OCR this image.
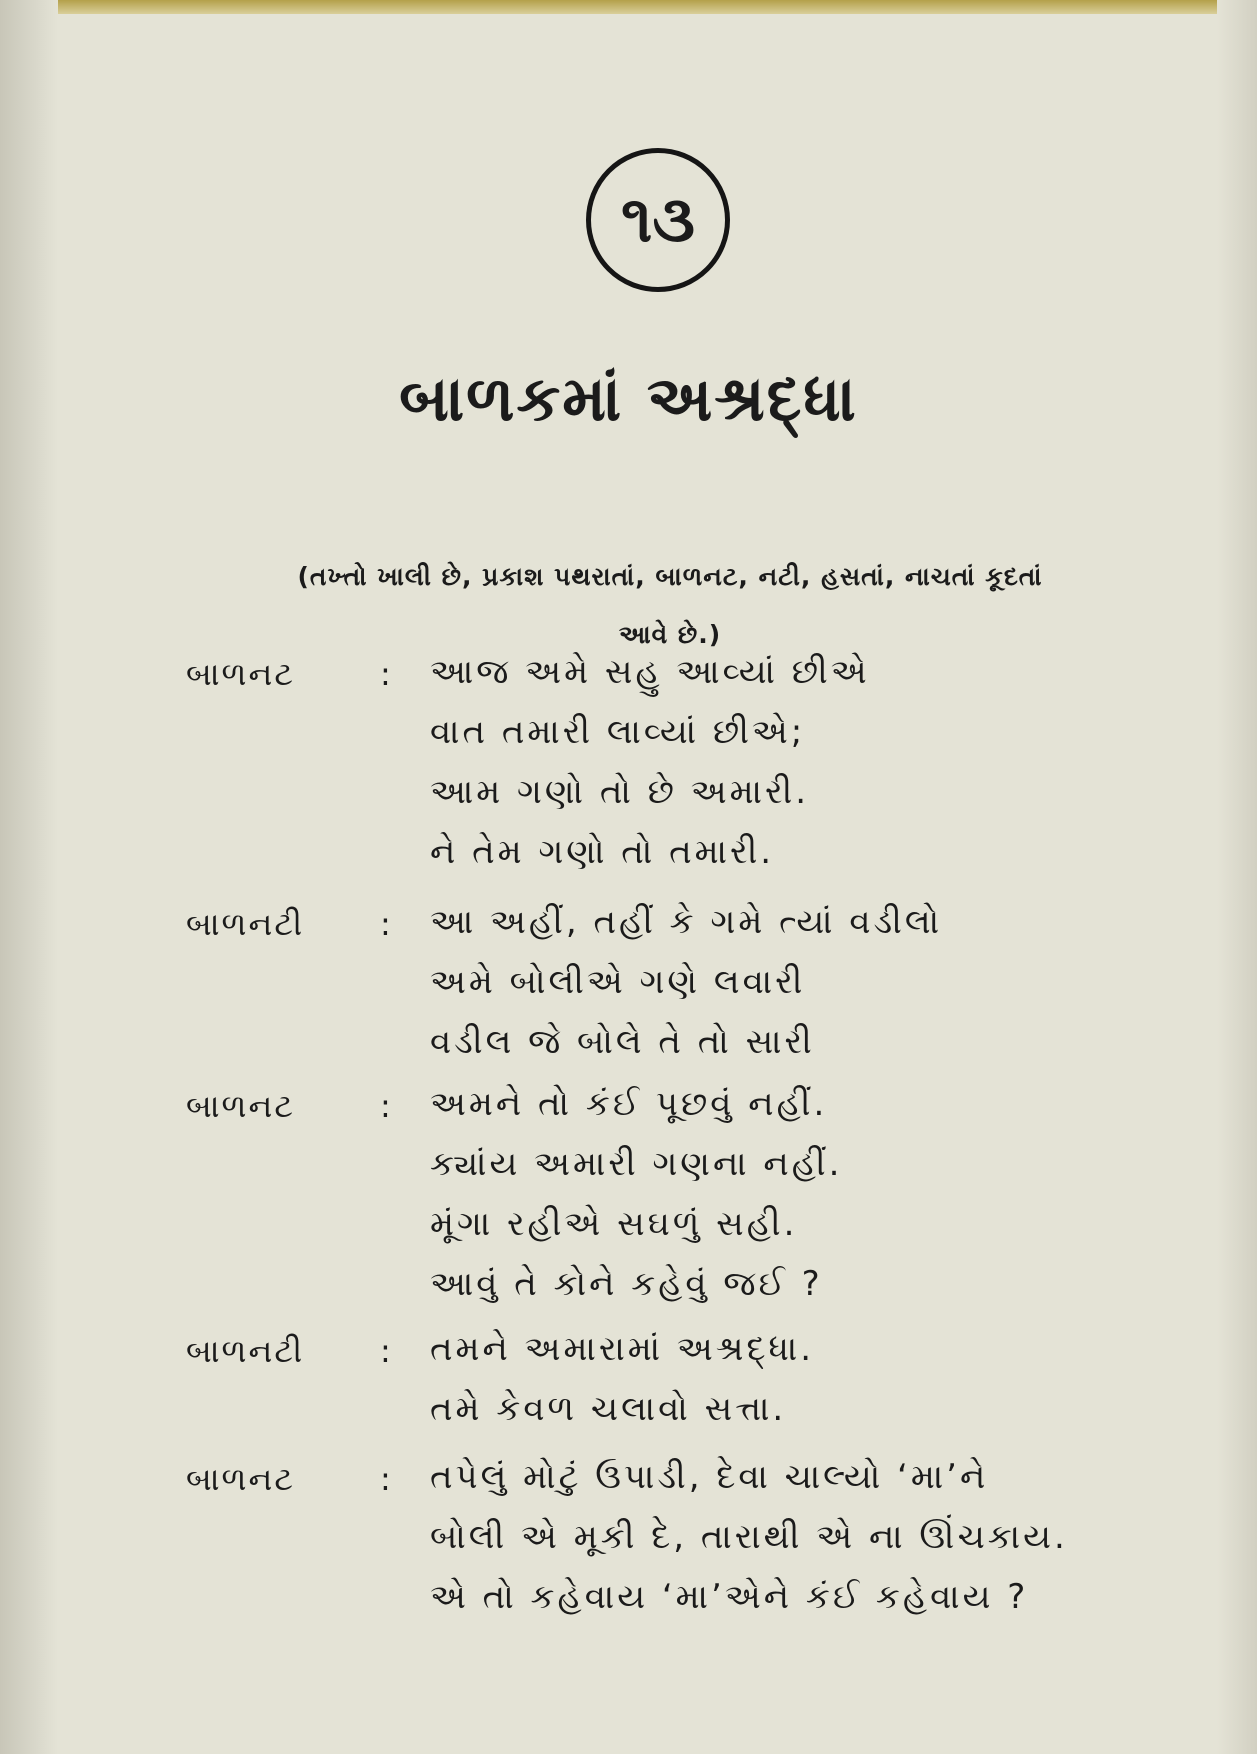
૧૩
બાળકમાં અશ્રદ્ધા
(તખ્તો ખાલી છે, પ્રકાશ પથરાતાં, બાળનટ, નટી, હસતાં, નાચતાં કૂદતાં
આવે છે.)
બાળનટ	: આજ અમે સહુ આવ્યાં છીએ
વાત તમારી લાવ્યાં છીએ;
આમ ગણો તો છે અમારી.
ને તેમ ગણો તો તમારી.
બાળનટી	: આ અહીં, તહીં કે ગમે ત્યાં વડીલો
અમે બોલીએ ગણે લવારી
વડીલ જે બોલે તે તો સારી
બાળનટ	: અમને તો કંઈ પૂછવું નહીં.
ક્યાંય અમારી ગણના નહીં.
મૂંગા રહીએ સઘળું સહી.
આવું તે કોને કહેવું જઈ ?
બાળનટી	: તમને અમારામાં અશ્રદ્ધા.
તમે કેવળ ચલાવો સત્તા.
બાળનટ	: તપેલું મોટું ઉપાડી, દેવા ચાલ્યો ‘મા’ને
બોલી એ મૂકી દે, તારાથી એ ના ઊંચકાય.
એ તો કહેવાય ‘મા’એને કંઈ કહેવાય ?
